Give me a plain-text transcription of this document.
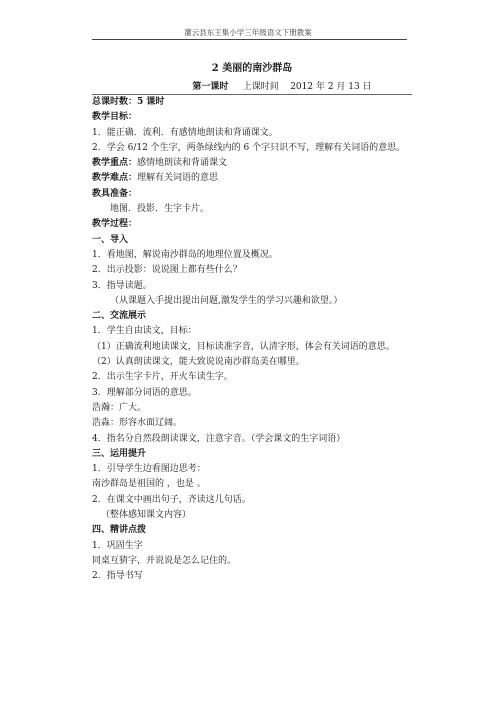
灌云县东王集小学三年级语文下册教案
2 美丽的南沙群岛
第一课时 上课时间 2012 年 2 月 13 日
总课时数：5 课时
教学目标：
1．能正确．流利．有感情地朗读和背诵课文。
2．学会 6/12 个生字，两条绿线内的 6 个字只识不写，理解有关词语的意思。
教学重点：感情地朗读和背诵课文
教学难点：理解有关词语的意思
教具准备：
地图．投影．生字卡片。
教学过程：
一、导入
1．看地图，解说南沙群岛的地理位置及概况。
2．出示投影：说说图上都有些什么？
3．指导读题。
（从课题入手提出提出问题,激发学生的学习兴趣和欲望。）
二、交流展示
1．学生自由读文，目标：
（1）正确流利地读课文，目标读准字音，认清字形，体会有关词语的意思。
（2）认真朗读课文，能大致说说南沙群岛美在哪里。
2．出示生字卡片，开火车读生字。
3．理解部分词语的意思。
浩瀚：广大。
浩淼：形容水面辽阔。
4．指名分自然段朗读课文，注意字音。（学会课文的生字词语）
三、运用提升
1．引导学生边看图边思考：
南沙群岛是祖国的 ，也是 。
2．在课文中画出句子，齐读这几句话。
（整体感知课文内容）
四、精讲点拨
1．巩固生字
同桌互猜字，并说说是怎么记住的。
2．指导书写
